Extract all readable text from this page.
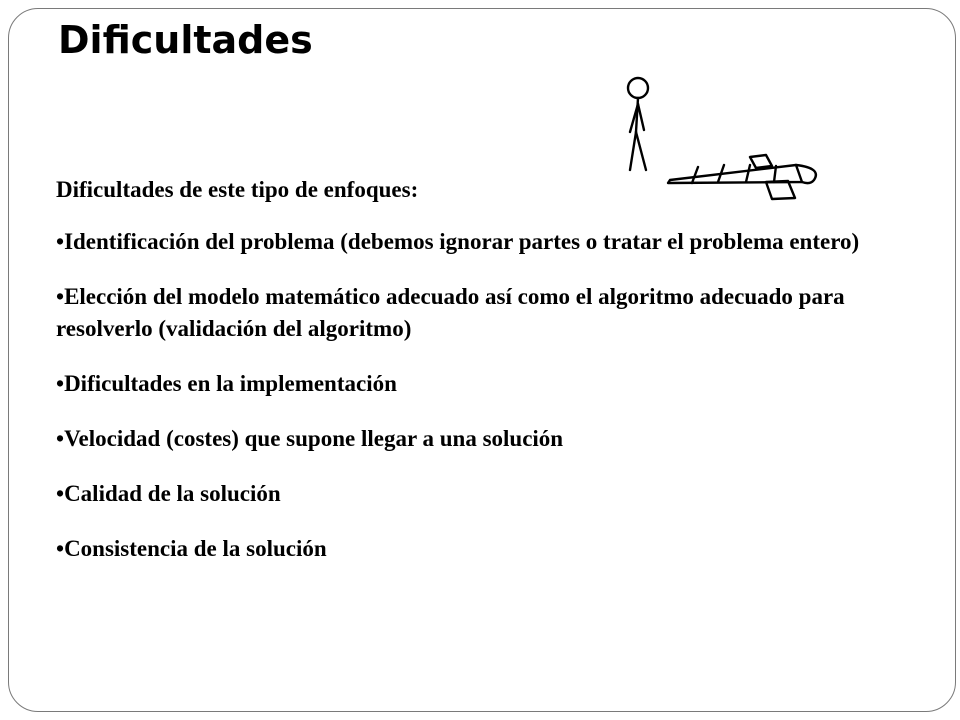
Dificultades

Dificultades de este tipo de enfoques:

•Identificación del problema (debemos ignorar partes o tratar el problema entero)

•Elección del modelo matemático adecuado así como el algoritmo adecuado para resolverlo (validación del algoritmo)

•Dificultades en la implementación

•Velocidad (costes) que supone llegar a una solución

•Calidad de la solución

•Consistencia de la solución
